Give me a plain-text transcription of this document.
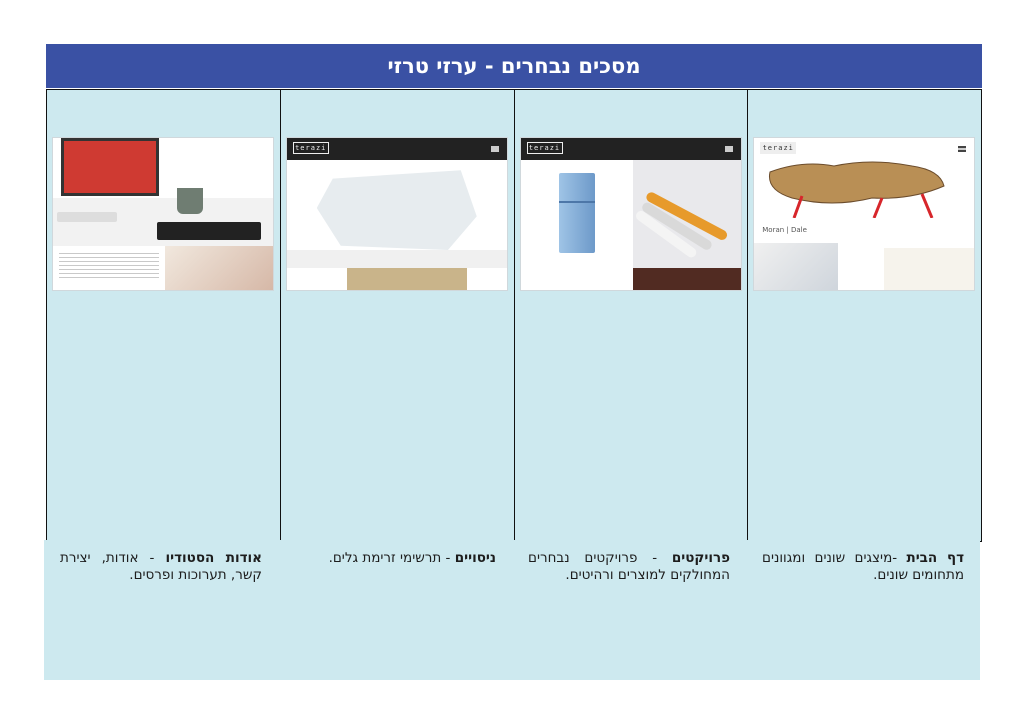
מסכים נבחרים - ערזי טרזי
terazi
Moran | Dale
terazi
terazi
דף הבית -מיצגים שונים ומגוונים מתחומים שונים.
פרויקטים - פרויקטים נבחרים המחולקים למוצרים ורהיטים.
ניסויים - תרשימי זרימת גלים.
אודות הסטודיו - אודות, יצירת קשר, תערוכות ופרסים.
